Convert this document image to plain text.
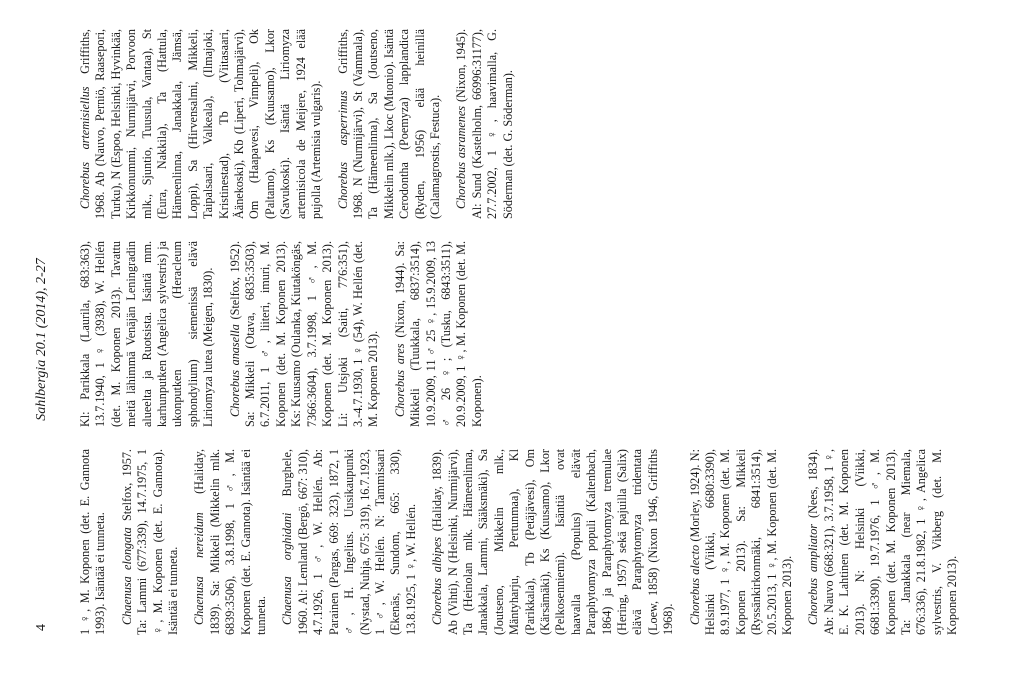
4
Sahlbergia 20.1 (2014), 2-27

1 ♀, M. Koponen (det. E. Gannota 1993). Isäntää ei tunneta. Chaenusa elongata Stelfox, 1957. Ta: Lammi (677:339), 14.7.1975, 1 ♀, M. Koponen (det. E. Gannota). Isäntää ei tunneta. Chaenusa nereidum (Haliday, 1839). Sa: Mikkeli (Mikkelin mlk. 6839:3506), 3.8.1998, 1 ♂, M. Koponen (det. E. Gannota). Isäntää ei tunneta. Chaenusa orghidani Burghele, 1960. Al: Lemland (Bergö, 667: 310), 4.7.1926, 1 ♂, W. Hellén. Ab: Parainen (Pargas, 669: 323), 1872, 1 ♂, H. Ingelius. Uusikaupunki (Nystad, Nuhja, 675: 319), 16.7.1923, 1 ♂, W. Hellén. N: Tammisaari (Ekenäs, Sundom, 665: 330), 13.8.1925, 1 ♀, W. Hellén. Chorebus albipes (Haliday, 1839). Ab (Vihti), N (Helsinki, Nurmijärvi), Ta (Heinolan mlk. Hämeenlinna, Janakkala, Lammi, Sääksmäki), Sa (Joutseno, Mikkelin mlk., Mäntyharju, Pertunmaa), Kl (Parikkala), Tb (Petäjävesi), Om (Kärsämäki), Ks (Kuusamo), Lkor (Pelkosenniemi). Isäntiä ovat haavalla (Populus) elävät Paraphytomyza populi (Kaltenbach, 1864) ja Paraphytomyza tremulae (Hering, 1957) sekä pajuilla (Salix) elävä Paraphytomyza tridentata (Loew, 1858) (Nixon 1946, Griffiths 1968). Chorebus alecto (Morley, 1924). N: Helsinki (Viikki, 6680:3390), 8.9.1977, 1 ♀, M. Koponen (det. M. Koponen 2013). Sa: Mikkeli (Ryssänkirkonmäki, 6841:3514), 20.5.2013, 1 ♀, M. Koponen (det. M. Koponen 2013). Chorebus ampliator (Nees, 1834). Ab: Nauvo (668:321), 3.7.1958, 1 ♀, E. K. Lahtinen (det. M. Koponen 2013). N: Helsinki (Viikki, 6681:3390), 19.7.1976, 1 ♂, M. Koponen (det. M. Koponen 2013). Ta: Janakkala (near Miemala, 676:336), 21.8.1982, 1 ♀, Angelica sylvestris, V. Vikberg (det. M. Koponen 2013).

Kl: Parikkala (Laurila, 683:363), 13.7.1940, 1 ♀ (3938), W. Hellén (det. M. Koponen 2013). Tavattu meitä lähimmä Venäjän Leningradin alueelta ja Ruotsista. Isäntä mm. karhunputken (Angelica sylvestris) ja ukonputken (Heracleum sphondylium) siemenissä elävä Liriomyza lutea (Meigen, 1830). Chorebus anasella (Stelfox, 1952). Sa: Mikkeli (Otava, 6835:3503), 6.7.2011, 1 ♂, liiteri, imuri, M. Koponen (det. M. Koponen 2013). Ks: Kuusamo (Oulanka, Kiutaköngäs, 7366:3604), 3.7.1998, 1 ♂, M. Koponen (det. M. Koponen 2013). Li: Utsjoki (Saiti, 776:351), 3.-4.7.1930, 1 ♀ (54), W. Hellén (det. M. Koponen 2013). Chorebus ares (Nixon, 1944). Sa: Mikkeli (Tuukkala, 6837:3514), 10.9.2009, 11 ♂ 25 ♀, 15.9.2009, 13 ♂ 26 ♀; (Tusku, 6843:3511), 20.9.2009, 1 ♀, M. Koponen (det. M. Koponen).

Chorebus artemisiellus Griffiths, 1968. Ab (Nauvo, Perniö, Raasepori, Turku), N (Espoo, Helsinki, Hyvinkää, Kirkkonummi, Nurmijärvi, Porvoon mlk., Sjuntio, Tuusula, Vantaa), St (Eura, Nakkila), Ta (Hattula, Hämeenlinna, Janakkala, Jämsä, Loppi), Sa (Hirvensalmi, Mikkeli, Taipalsaari, Valkeala), (Ilmajoki, Kristinestad), Tb (Viitasaari, Äänekoski), Kb (Liperi, Tohmajärvi), Om (Haapavesi, Vimpeli), Ok (Paltamo), Ks (Kuusamo), Lkor (Savukoski). Isäntä Liriomyza artemisicola de Meijere, 1924 elää pujolla (Artemisia vulgaris). Chorebus asperrimus Griffiths, 1968. N (Nurmijärvi), St (Vammala), Ta (Hämeenlinna), Sa (Joutseno, Mikkelin mlk.), Lkoc (Muonio). Isäntä Cerodontha (Poemyza) lapplandica (Ryden, 1956) elää heinillä (Calamagrostis, Festuca). Chorebus asramenes (Nixon, 1945). Al: Sund (Kastelholm, 66996:31177), 27.7.2002, 1 ♀, haavimalla, G. Söderman (det. G. Söderman).
